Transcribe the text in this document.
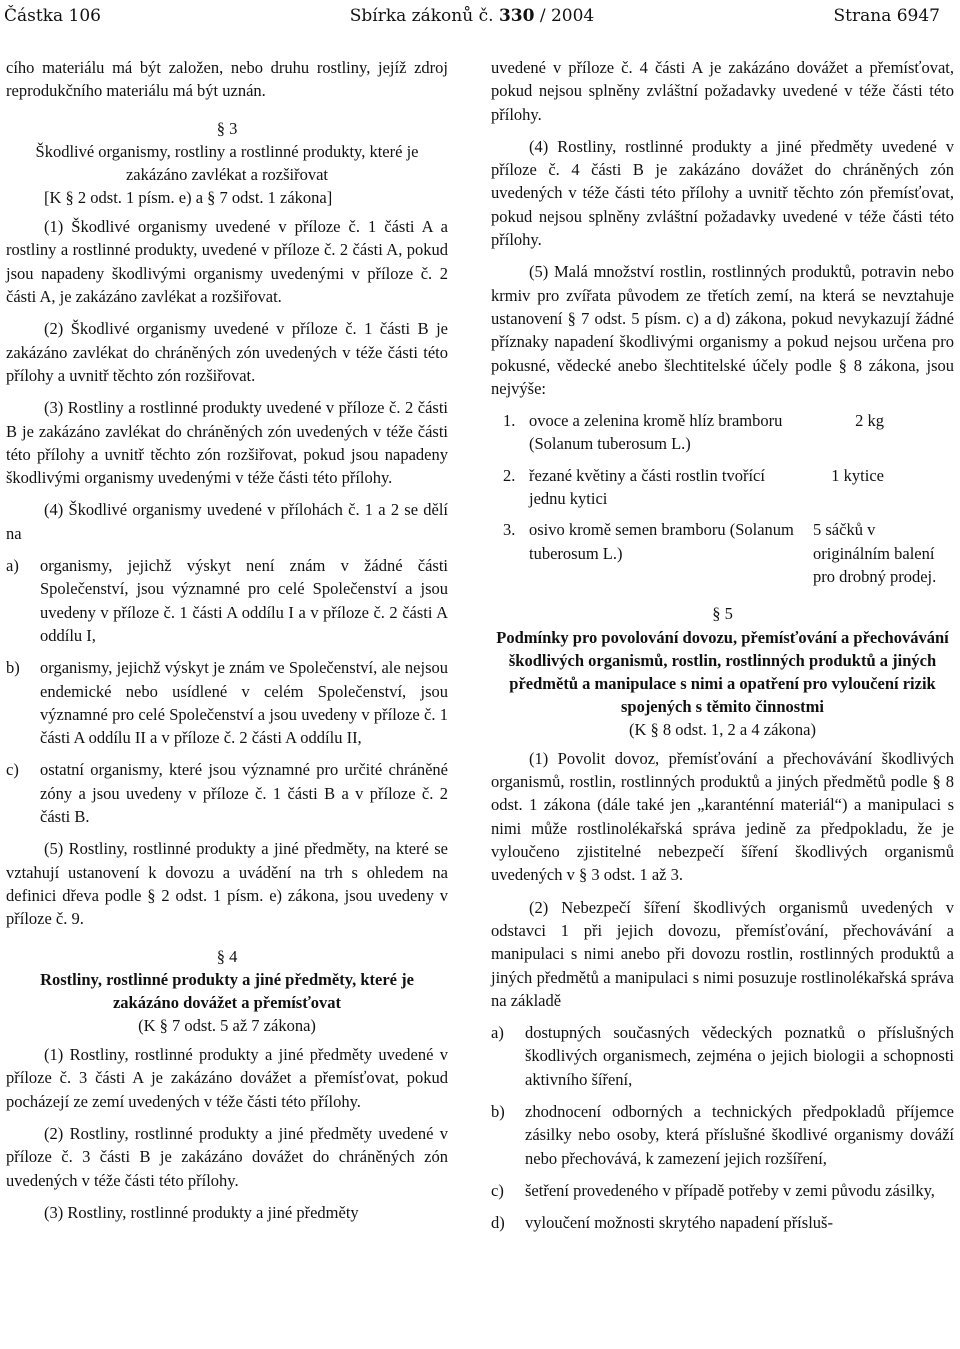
Částka 106	Sbírka zákonů č. 330 / 2004	Strana 6947

cího materiálu má být založen, nebo druhu rostliny, jejíž zdroj reprodukčního materiálu má být uznán.

§ 3
Škodlivé organismy, rostliny a rostlinné produkty, které je zakázáno zavlékat a rozšiřovat
[K § 2 odst. 1 písm. e) a § 7 odst. 1 zákona]

(1) Škodlivé organismy uvedené v příloze č. 1 části A a rostliny a rostlinné produkty, uvedené v příloze č. 2 části A, pokud jsou napadeny škodlivými organismy uvedenými v příloze č. 2 části A, je zakázáno zavlékat a rozšiřovat.

(2) Škodlivé organismy uvedené v příloze č. 1 části B je zakázáno zavlékat do chráněných zón uvedených v téže části této přílohy a uvnitř těchto zón rozšiřovat.

(3) Rostliny a rostlinné produkty uvedené v příloze č. 2 části B je zakázáno zavlékat do chráněných zón uvedených v téže části této přílohy a uvnitř těchto zón rozšiřovat, pokud jsou napadeny škodlivými organismy uvedenými v téže části této přílohy.

(4) Škodlivé organismy uvedené v přílohách č. 1 a 2 se dělí na

a)	organismy, jejichž výskyt není znám v žádné části Společenství, jsou významné pro celé Společenství a jsou uvedeny v příloze č. 1 části A oddílu I a v příloze č. 2 části A oddílu I,
b)	organismy, jejichž výskyt je znám ve Společenství, ale nejsou endemické nebo usídlené v celém Společenství, jsou významné pro celé Společenství a jsou uvedeny v příloze č. 1 části A oddílu II a v příloze č. 2 části A oddílu II,
c)	ostatní organismy, které jsou významné pro určité chráněné zóny a jsou uvedeny v příloze č. 1 části B a v příloze č. 2 části B.

(5) Rostliny, rostlinné produkty a jiné předměty, na které se vztahují ustanovení k dovozu a uvádění na trh s ohledem na definici dřeva podle § 2 odst. 1 písm. e) zákona, jsou uvedeny v příloze č. 9.

§ 4
Rostliny, rostlinné produkty a jiné předměty, které je zakázáno dovážet a přemísťovat
(K § 7 odst. 5 až 7 zákona)

(1) Rostliny, rostlinné produkty a jiné předměty uvedené v příloze č. 3 části A je zakázáno dovážet a přemísťovat, pokud pocházejí ze zemí uvedených v téže části této přílohy.

(2) Rostliny, rostlinné produkty a jiné předměty uvedené v příloze č. 3 části B je zakázáno dovážet do chráněných zón uvedených v téže části této přílohy.

(3) Rostliny, rostlinné produkty a jiné předměty

uvedené v příloze č. 4 části A je zakázáno dovážet a přemísťovat, pokud nejsou splněny zvláštní požadavky uvedené v téže části této přílohy.

(4) Rostliny, rostlinné produkty a jiné předměty uvedené v příloze č. 4 části B je zakázáno dovážet do chráněných zón uvedených v téže části této přílohy a uvnitř těchto zón přemísťovat, pokud nejsou splněny zvláštní požadavky uvedené v téže části této přílohy.

(5) Malá množství rostlin, rostlinných produktů, potravin nebo krmiv pro zvířata původem ze třetích zemí, na která se nevztahuje ustanovení § 7 odst. 5 písm. c) a d) zákona, pokud nevykazují žádné příznaky napadení škodlivými organismy a pokud nejsou určena pro pokusné, vědecké anebo šlechtitelské účely podle § 8 zákona, jsou nejvýše:

1. ovoce a zelenina kromě hlíz bramboru (Solanum tuberosum L.)
2 kg
2. řezané květiny a části rostlin tvořící jednu kytici
1 kytice
3. osivo kromě semen bramboru (Solanum tuberosum L.)
5 sáčků v originálním balení pro drobný prodej.
§ 5
Podmínky pro povolování dovozu, přemísťování a přechovávání škodlivých organismů, rostlin, rostlinných produktů a jiných předmětů a manipulace s nimi a opatření pro vyloučení rizik spojených s těmito činnostmi
(K § 8 odst. 1, 2 a 4 zákona)

(1) Povolit dovoz, přemísťování a přechovávání škodlivých organismů, rostlin, rostlinných produktů a jiných předmětů podle § 8 odst. 1 zákona (dále také jen „karanténní materiál“) a manipulaci s nimi může rostlinolékařská správa jedině za předpokladu, že je vyloučeno zjistitelné nebezpečí šíření škodlivých organismů uvedených v § 3 odst. 1 až 3.

(2) Nebezpečí šíření škodlivých organismů uvedených v odstavci 1 při jejich dovozu, přemísťování, přechovávání a manipulaci s nimi anebo při dovozu rostlin, rostlinných produktů a jiných předmětů a manipulaci s nimi posuzuje rostlinolékařská správa na základě

a)	dostupných současných vědeckých poznatků o příslušných škodlivých organismech, zejména o jejich biologii a schopnosti aktivního šíření,
b)	zhodnocení odborných a technických předpokladů příjemce zásilky nebo osoby, která příslušné škodlivé organismy dováží nebo přechovává, k zamezení jejich rozšíření,
c)	šetření provedeného v případě potřeby v zemi původu zásilky,
d)	vyloučení možnosti skrytého napadení přísluš-
